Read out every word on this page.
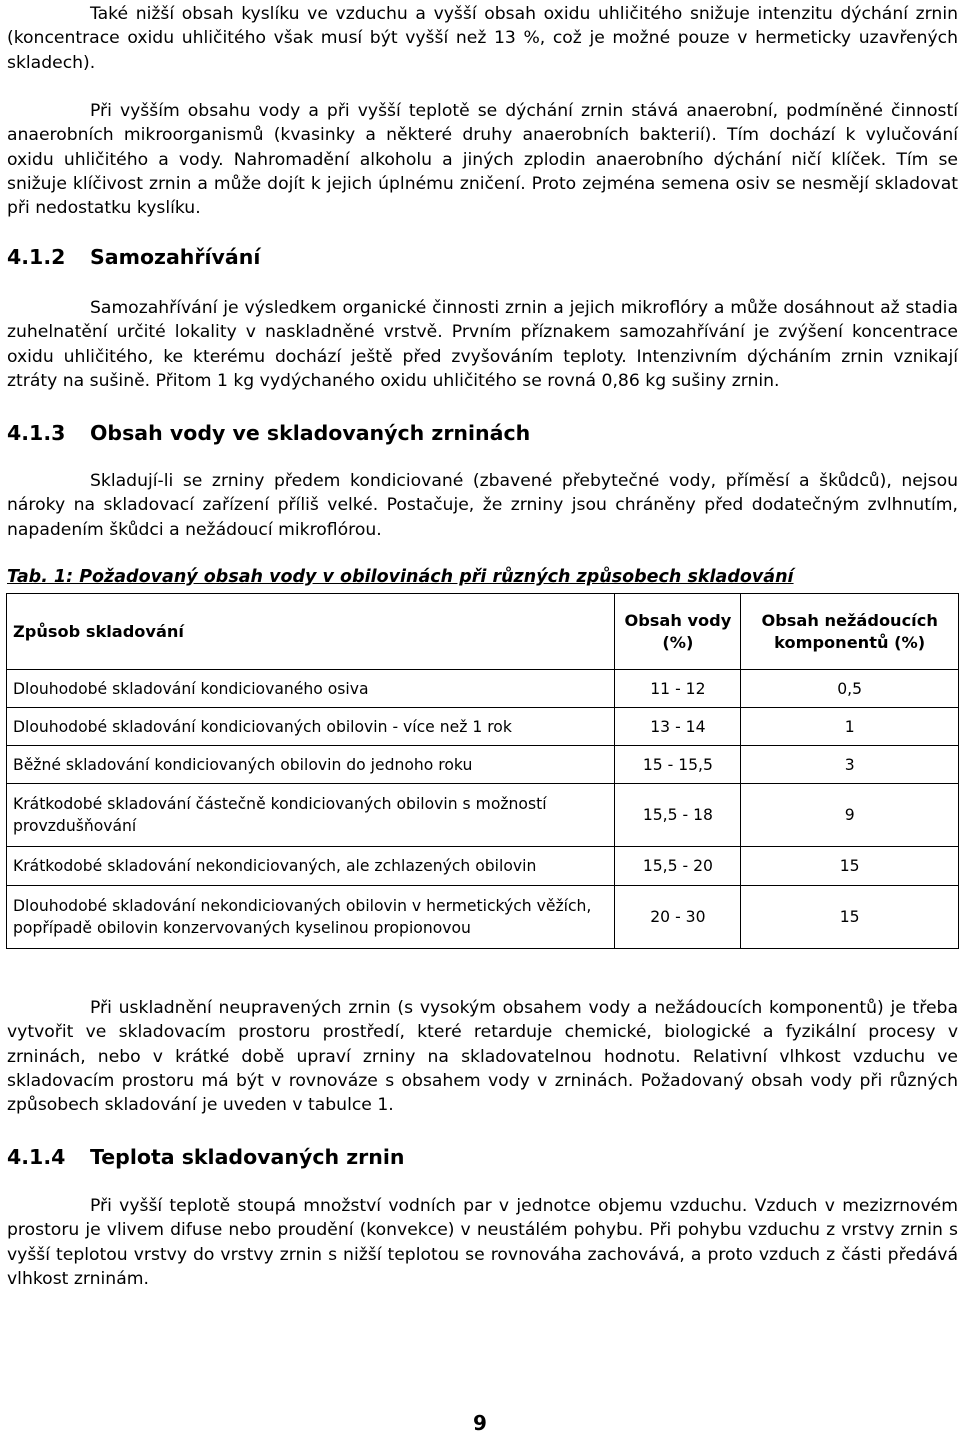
Také nižší obsah kyslíku ve vzduchu a vyšší obsah oxidu uhličitého snižuje intenzitu dýchání zrnin (koncentrace oxidu uhličitého však musí být vyšší než 13 %, což je možné pouze v hermeticky uzavřených skladech).

Při vyšším obsahu vody a při vyšší teplotě se dýchání zrnin stává anaerobní, podmíněné činností anaerobních mikroorganismů (kvasinky a některé druhy anaerobních bakterií). Tím dochází k vylučování oxidu uhličitého a vody. Nahromadění alkoholu a jiných zplodin anaerobního dýchání ničí klíček. Tím se snižuje klíčivost zrnin a může dojít k jejich úplnému zničení. Proto zejména semena osiv se nesmějí skladovat při nedostatku kyslíku.

4.1.2 Samozahřívání

Samozahřívání je výsledkem organické činnosti zrnin a jejich mikroflóry a může dosáhnout až stadia zuhelnatění určité lokality v naskladněné vrstvě. Prvním příznakem samozahřívání je zvýšení koncentrace oxidu uhličitého, ke kterému dochází ještě před zvyšováním teploty. Intenzivním dýcháním zrnin vznikají ztráty na sušině. Přitom 1 kg vydýchaného oxidu uhličitého se rovná 0,86 kg sušiny zrnin.

4.1.3 Obsah vody ve skladovaných zrninách

Skladují-li se zrniny předem kondiciované (zbavené přebytečné vody, příměsí a škůdců), nejsou nároky na skladovací zařízení příliš velké. Postačuje, že zrniny jsou chráněny před dodatečným zvlhnutím, napadením škůdci a nežádoucí mikroflórou.

Tab. 1: Požadovaný obsah vody v obilovinách při různých způsobech skladování

Způsob skladování	Obsah vody (%)	Obsah nežádoucích komponentů (%)
Dlouhodobé skladování kondiciovaného osiva	11 - 12	0,5
Dlouhodobé skladování kondiciovaných obilovin - více než 1 rok	13 - 14	1
Běžné skladování kondiciovaných obilovin do jednoho roku	15 - 15,5	3
Krátkodobé skladování částečně kondiciovaných obilovin s možností provzdušňování	15,5 - 18	9
Krátkodobé skladování nekondiciovaných, ale zchlazených obilovin	15,5 - 20	15
Dlouhodobé skladování nekondiciovaných obilovin v hermetických věžích, popřípadě obilovin konzervovaných kyselinou propionovou	20 - 30	15

Při uskladnění neupravených zrnin (s vysokým obsahem vody a nežádoucích komponentů) je třeba vytvořit ve skladovacím prostoru prostředí, které retarduje chemické, biologické a fyzikální procesy v zrninách, nebo v krátké době upraví zrniny na skladovatelnou hodnotu. Relativní vlhkost vzduchu ve skladovacím prostoru má být v rovnováze s obsahem vody v zrninách. Požadovaný obsah vody při různých způsobech skladování je uveden v tabulce 1.

4.1.4 Teplota skladovaných zrnin

Při vyšší teplotě stoupá množství vodních par v jednotce objemu vzduchu. Vzduch v mezizrnovém prostoru je vlivem difuse nebo proudění (konvekce) v neustálém pohybu. Při pohybu vzduchu z vrstvy zrnin s vyšší teplotou vrstvy do vrstvy zrnin s nižší teplotou se rovnováha zachovává, a proto vzduch z části předává vlhkost zrninám.

9
